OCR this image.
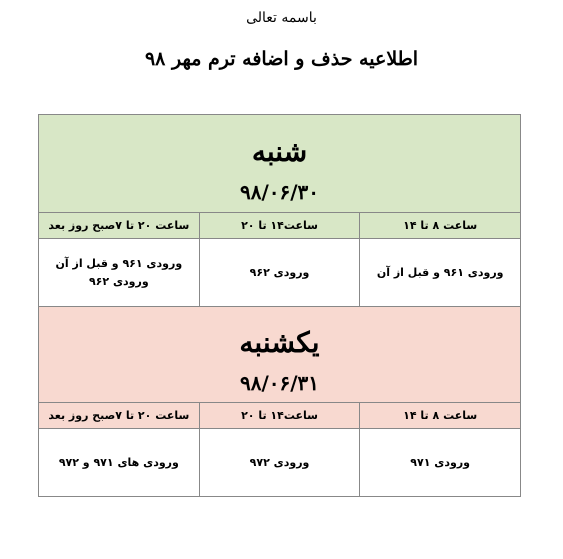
باسمه تعالی
اطلاعیه حذف و اضافه ترم مهر ۹۸
شنبه
۹۸/۰۶/۳۰		

ساعت ۸ تا ۱۴	ساعت۱۴ تا ۲۰	ساعت ۲۰ تا ۷صبح روز بعد

ورودی ۹۶۱ و قبل از آن	ورودی ۹۶۲	ورودی ۹۶۱ و قبل از آن
ورودی ۹۶۲

یکشنبه
۹۸/۰۶/۳۱		

ساعت ۸ تا ۱۴	ساعت۱۴ تا ۲۰	ساعت ۲۰ تا ۷صبح روز بعد

ورودی ۹۷۱	ورودی ۹۷۲	ورودی های ۹۷۱ و ۹۷۲
